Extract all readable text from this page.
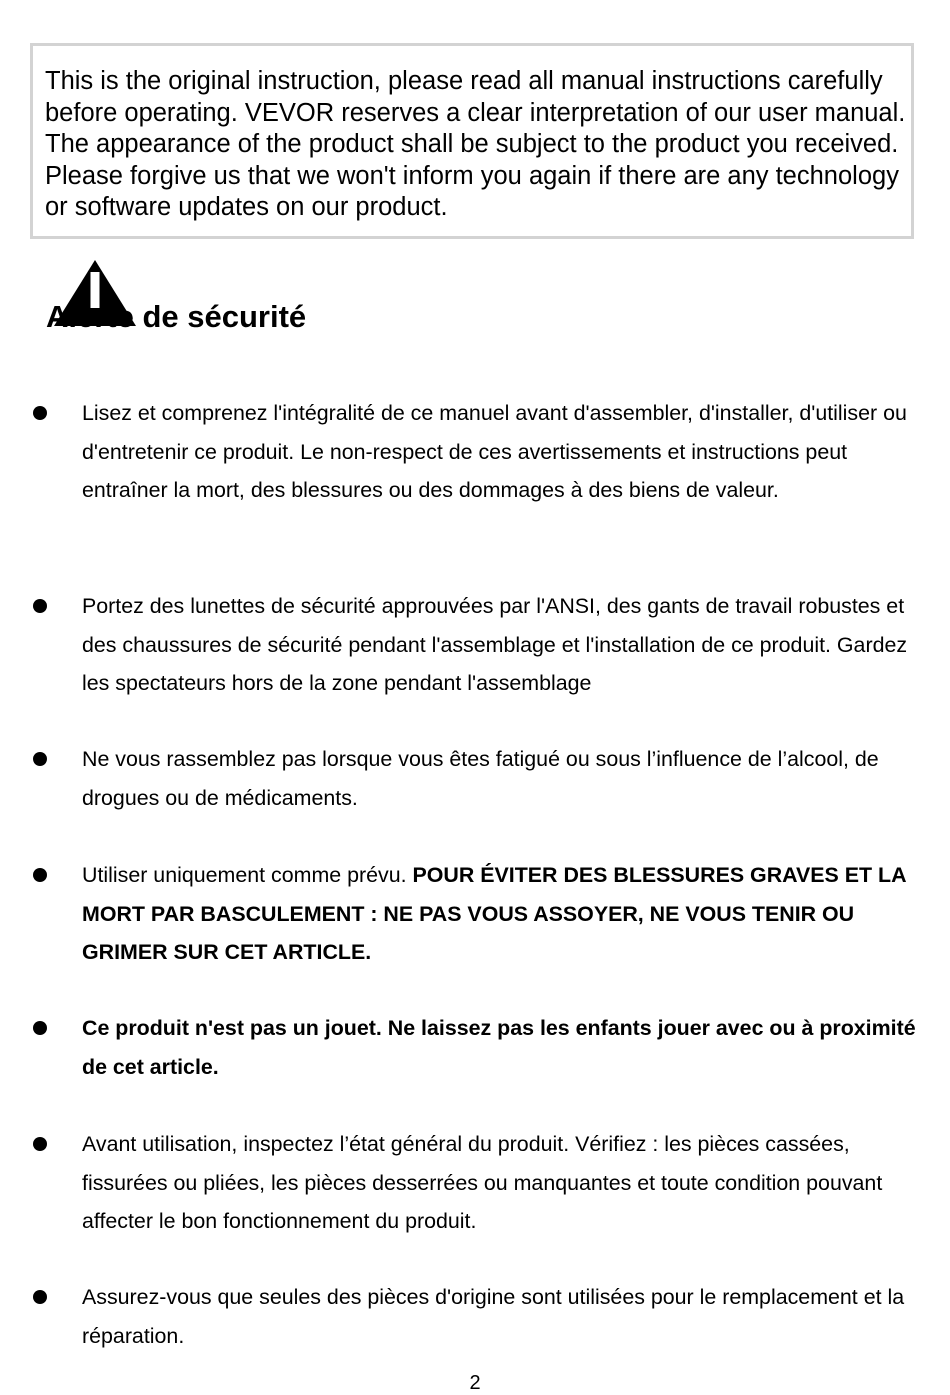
This is the original instruction, please read all manual instructions carefully before operating. VEVOR reserves a clear interpretation of our user manual. The appearance of the product shall be subject to the product you received. Please forgive us that we won't inform you again if there are any technology or software updates on our product.

Alerte de sécurité

Lisez et comprenez l'intégralité de ce manuel avant d'assembler, d'installer, d'utiliser ou d'entretenir ce produit. Le non-respect de ces avertissements et instructions peut entraîner la mort, des blessures ou des dommages à des biens de valeur.

Portez des lunettes de sécurité approuvées par l'ANSI, des gants de travail robustes et des chaussures de sécurité pendant l'assemblage et l'installation de ce produit. Gardez les spectateurs hors de la zone pendant l'assemblage

Ne vous rassemblez pas lorsque vous êtes fatigué ou sous l’influence de l’alcool, de drogues ou de médicaments.

Utiliser uniquement comme prévu. POUR ÉVITER DES BLESSURES GRAVES ET LA MORT PAR BASCULEMENT : NE PAS VOUS ASSOYER, NE VOUS TENIR OU GRIMER SUR CET ARTICLE.

Ce produit n'est pas un jouet. Ne laissez pas les enfants jouer avec ou à proximité de cet article.

Avant utilisation, inspectez l’état général du produit. Vérifiez : les pièces cassées, fissurées ou pliées, les pièces desserrées ou manquantes et toute condition pouvant affecter le bon fonctionnement du produit.

Assurez-vous que seules des pièces d'origine sont utilisées pour le remplacement et la réparation.

2
